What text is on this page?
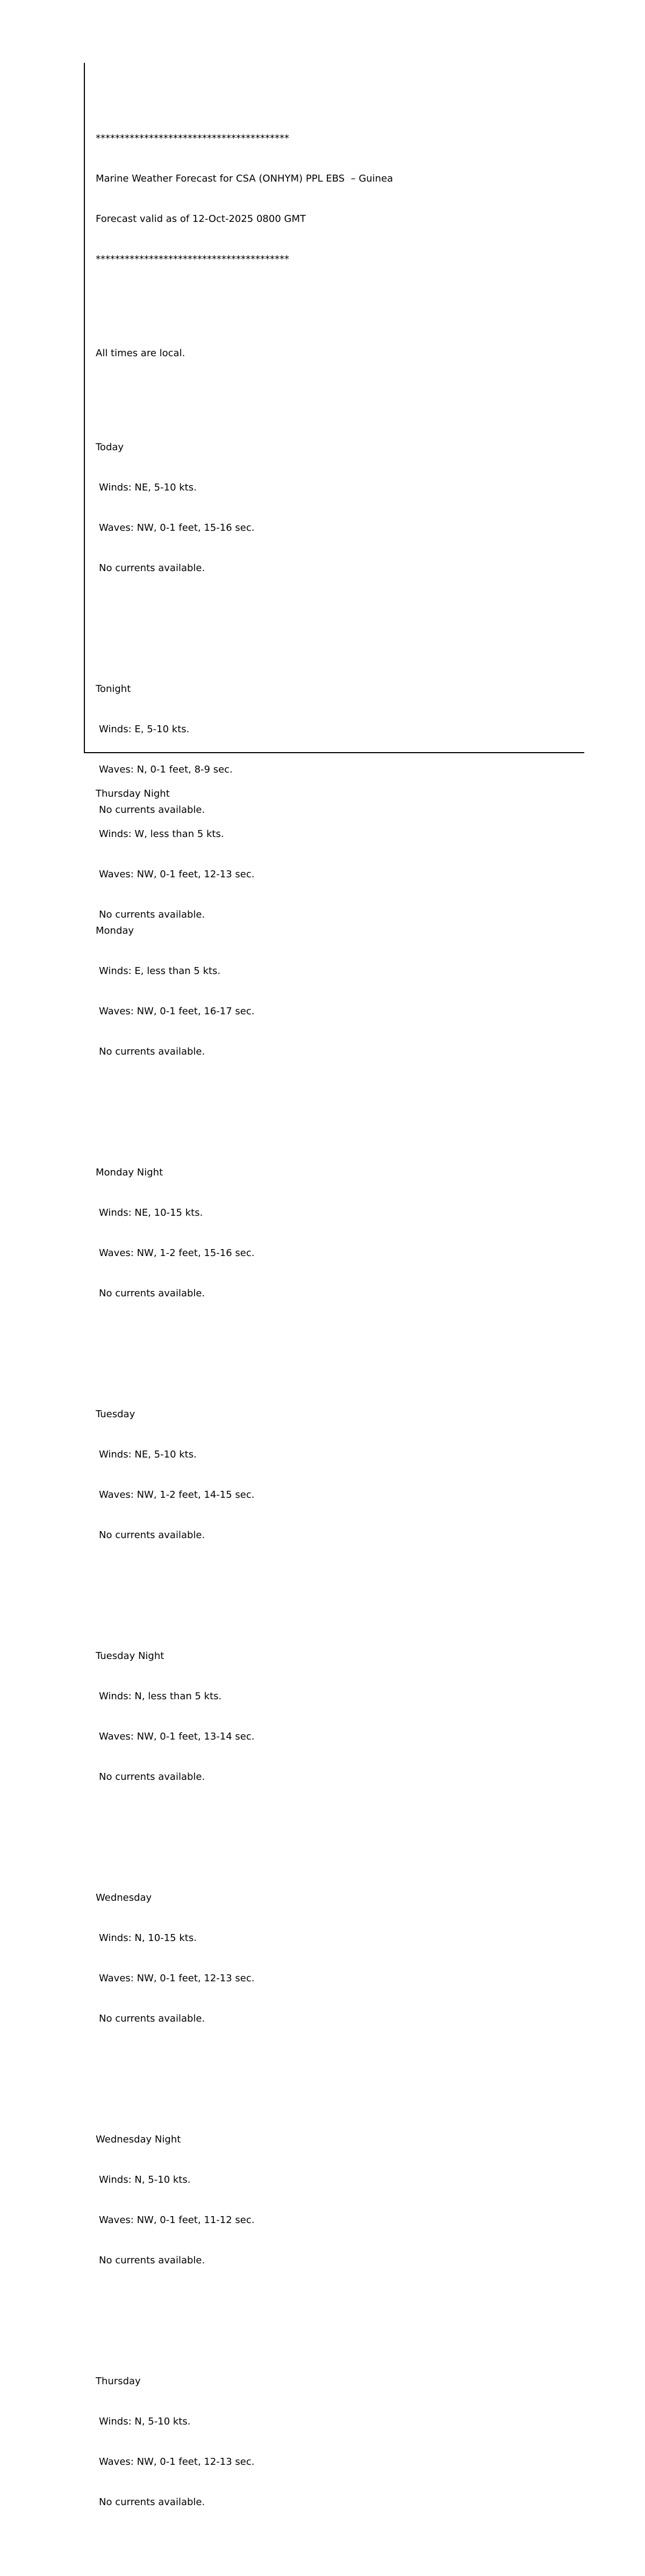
****************************************

Marine Weather Forecast for CSA (ONHYM) PPL EBS  – Guinea

Forecast valid as of 12-Oct-2025 0800 GMT

****************************************

All times are local.

Today

Winds: NE, 5-10 kts.

Waves: NW, 0-1 feet, 15-16 sec.

No currents available.

Tonight

Winds: E, 5-10 kts.

Waves: N, 0-1 feet, 8-9 sec.

No currents available.

Monday

Winds: E, less than 5 kts.

Waves: NW, 0-1 feet, 16-17 sec.

No currents available.

Monday Night

Winds: NE, 10-15 kts.

Waves: NW, 1-2 feet, 15-16 sec.

No currents available.

Tuesday

Winds: NE, 5-10 kts.

Waves: NW, 1-2 feet, 14-15 sec.

No currents available.

Tuesday Night

Winds: N, less than 5 kts.

Waves: NW, 0-1 feet, 13-14 sec.

No currents available.

Wednesday

Winds: N, 10-15 kts.

Waves: NW, 0-1 feet, 12-13 sec.

No currents available.

Wednesday Night

Winds: N, 5-10 kts.

Waves: NW, 0-1 feet, 11-12 sec.

No currents available.

Thursday

Winds: N, 5-10 kts.

Waves: NW, 0-1 feet, 12-13 sec.

No currents available.

Thursday Night

Winds: W, less than 5 kts.

Waves: NW, 0-1 feet, 12-13 sec.

No currents available.
